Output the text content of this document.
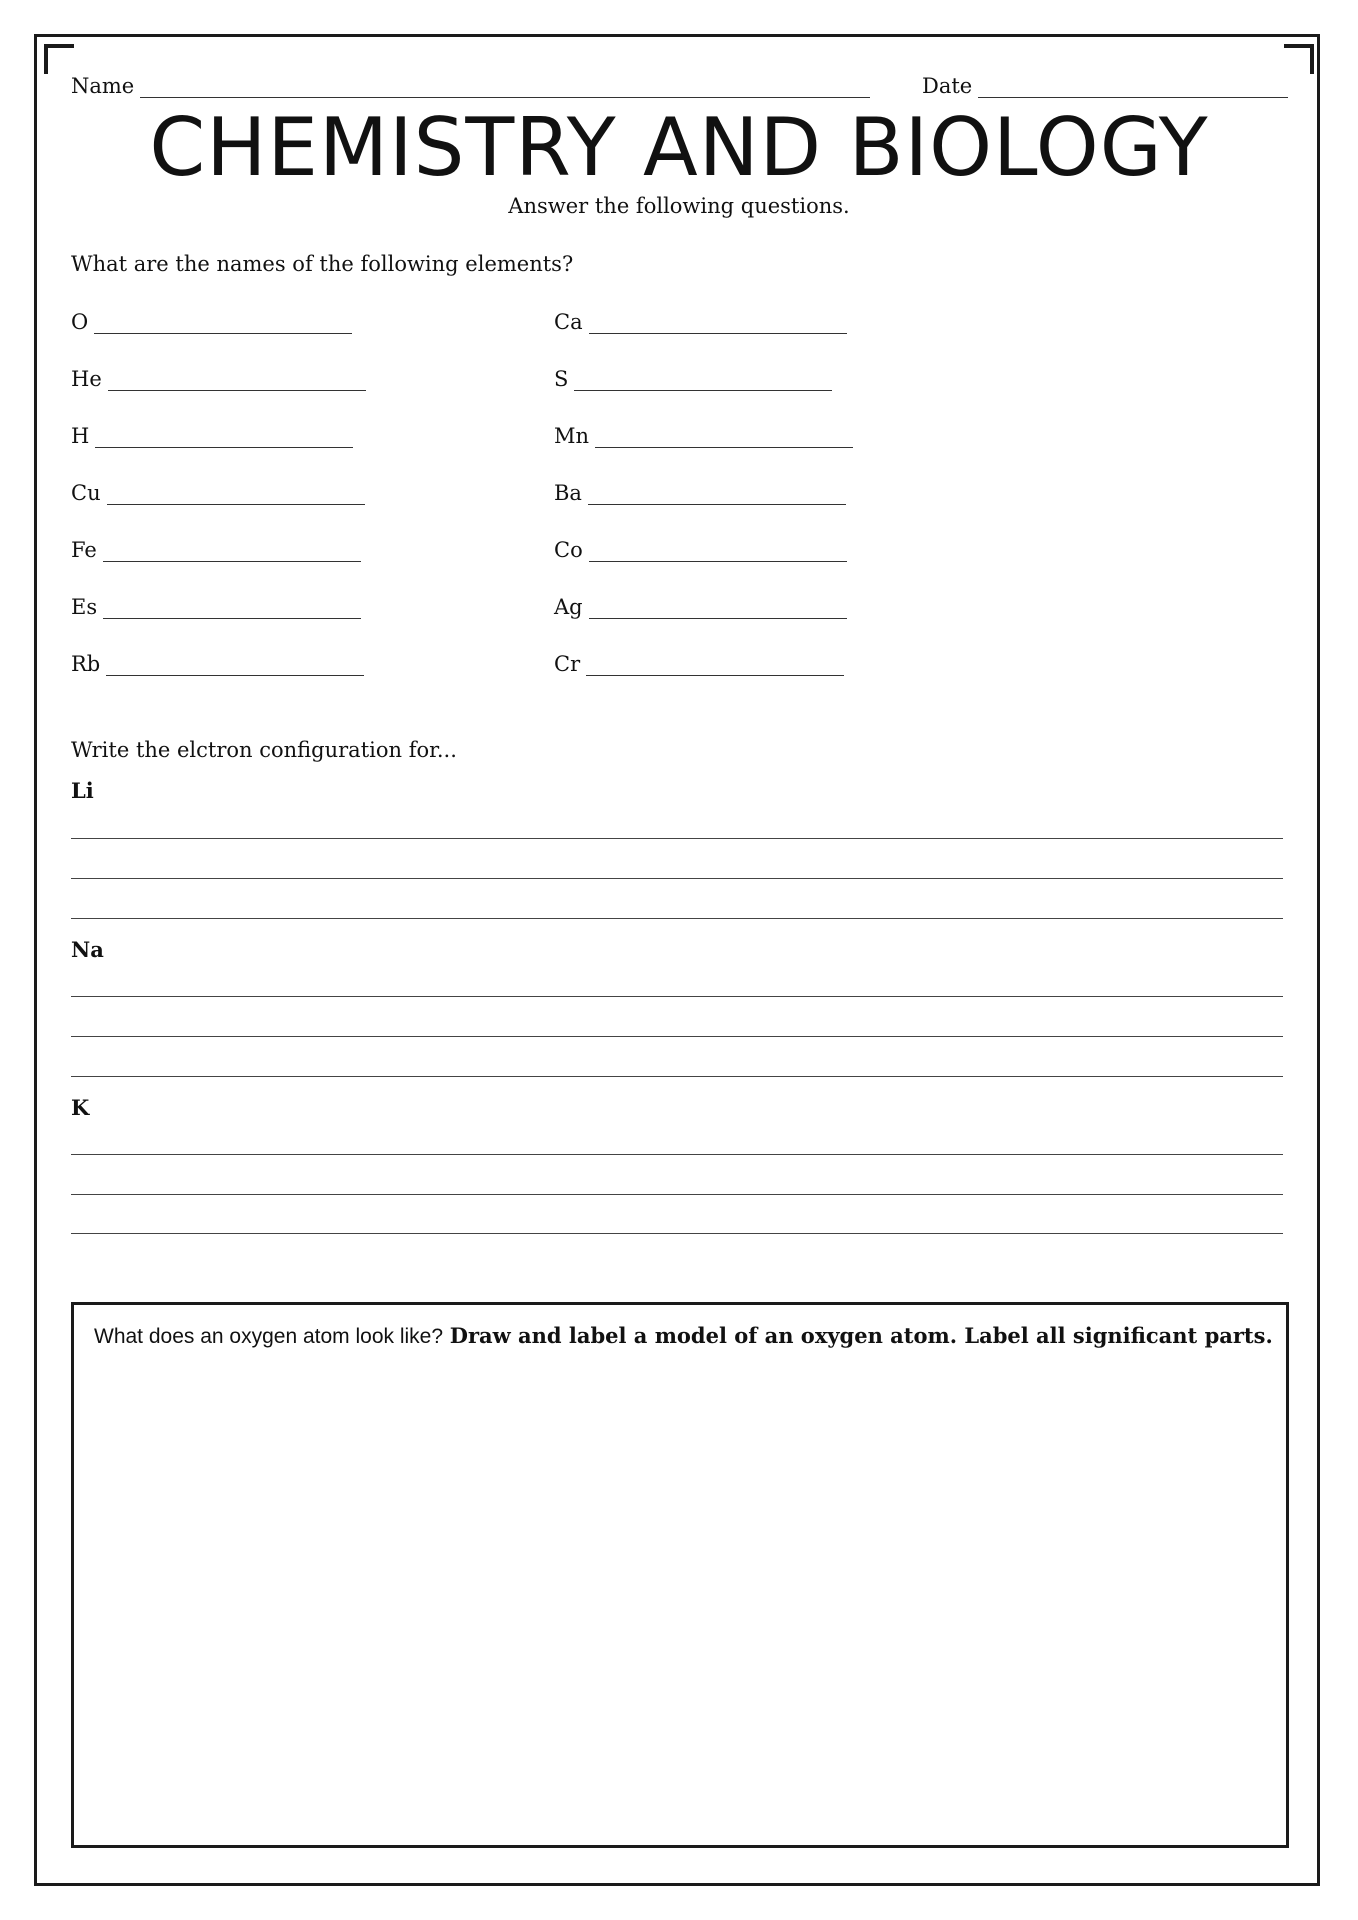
Name	Date
CHEMISTRY AND BIOLOGY
Answer the following questions.
What are the names of the following elements?
O
He
H
Cu
Fe
Es
Rb
Ca
S
Mn
Ba
Co
Ag
Cr
Write the elctron configuration for...
Li
Na
K
What does an oxygen atom look like? Draw and label a model of an oxygen atom. Label all significant parts.
